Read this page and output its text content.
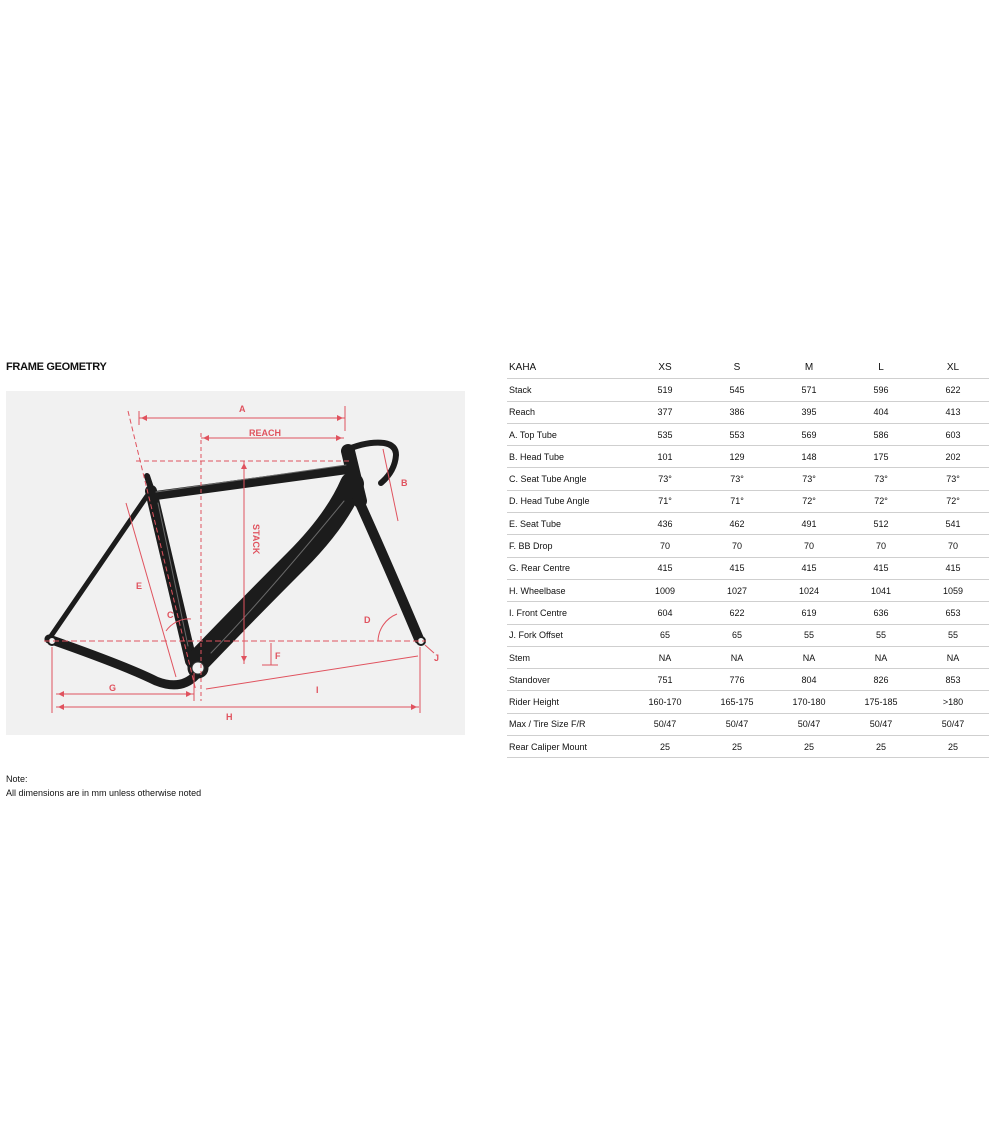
FRAME GEOMETRY
A
REACH
B
STACK
E
C	D
F	J
G	I
H
KAHA	XS	S	M	L	XL
Stack	519	545	571	596	622
Reach	377	386	395	404	413
A. Top Tube	535	553	569	586	603
B. Head Tube	101	129	148	175	202
C. Seat Tube Angle	73°	73°	73°	73°	73°
D. Head Tube Angle	71°	71°	72°	72°	72°
E. Seat Tube	436	462	491	512	541
F. BB Drop	70	70	70	70	70
G. Rear Centre	415	415	415	415	415
H. Wheelbase	1009	1027	1024	1041	1059
I. Front Centre	604	622	619	636	653
J. Fork Offset	65	65	55	55	55
Stem	NA	NA	NA	NA	NA
Standover	751	776	804	826	853
Rider Height	160-170	165-175	170-180	175-185	>180
Max / Tire Size F/R	50/47	50/47	50/47	50/47	50/47
Rear Caliper Mount	25	25	25	25	25
Note:
All dimensions are in mm unless otherwise noted
